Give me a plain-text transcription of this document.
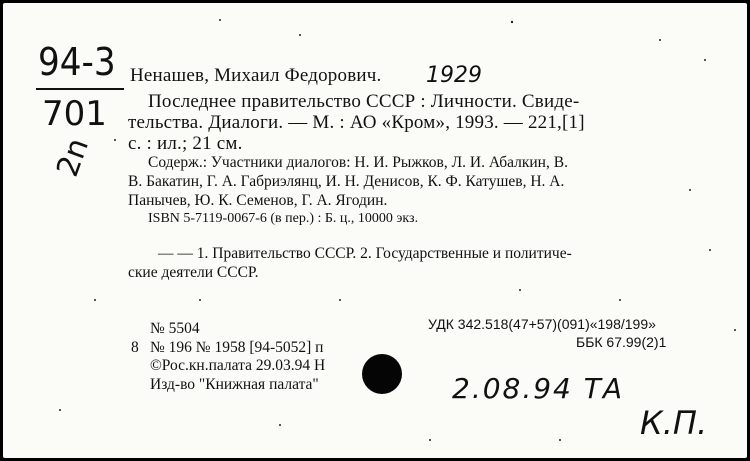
94-3
701
2n
Ненашев, Михаил Федорович. 1929
Последнее правительство СССР : Личности. Свиде-
тельства. Диалоги. — М. : АО «Кром», 1993. — 221,[1]
с. : ил.; 21 см.
Содерж.: Участники диалогов: Н. И. Рыжков, Л. И. Абалкин, В.
В. Бакатин, Г. А. Габриэлянц, И. Н. Денисов, К. Ф. Катушев, Н. А.
Панычев, Ю. К. Семенов, Г. А. Ягодин.
ISBN 5-7119-0067-6 (в пер.) : Б. ц., 10000 экз.
— — 1. Правительство СССР. 2. Государственные и политиче-
ские деятели СССР.
№ 5504
8 № 196 № 1958 [94-5052] п
©Рос.кн.палата 29.03.94 Н
Изд-во "Книжная палата"
УДК 342.518(47+57)(091)«198/199»
ББК 67.99(2)1
2.08.94 ТА
К.П.
